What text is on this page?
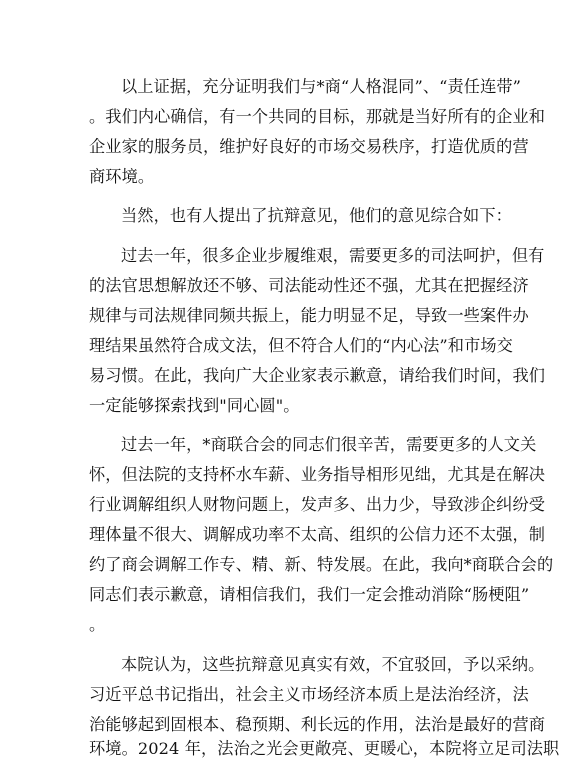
以上证据，充分证明我们与*商“人格混同”、“责任连带”
。我们内心确信，有一个共同的目标，那就是当好所有的企业和
企业家的服务员，维护好良好的市场交易秩序，打造优质的营
商环境。
当然，也有人提出了抗辩意见，他们的意见综合如下：
过去一年，很多企业步履维艰，需要更多的司法呵护，但有
的法官思想解放还不够、司法能动性还不强，尤其在把握经济
规律与司法规律同频共振上，能力明显不足，导致一些案件办
理结果虽然符合成文法，但不符合人们的“内心法”和市场交
易习惯。在此，我向广大企业家表示歉意，请给我们时间，我们
一定能够探索找到"同心圆"。
过去一年，*商联合会的同志们很辛苦，需要更多的人文关
怀，但法院的支持杯水车薪、业务指导相形见绌，尤其是在解决
行业调解组织人财物问题上，发声多、出力少，导致涉企纠纷受
理体量不很大、调解成功率不太高、组织的公信力还不太强，制
约了商会调解工作专、精、新、特发展。在此，我向*商联合会的
同志们表示歉意，请相信我们，我们一定会推动消除“肠梗阻”
。
本院认为，这些抗辩意见真实有效，不宜驳回，予以采纳。
习近平总书记指出，社会主义市场经济本质上是法治经济，法
治能够起到固根本、稳预期、利长远的作用，法治是最好的营商
环境。2024 年，法治之光会更敞亮、更暖心，本院将立足司法职
